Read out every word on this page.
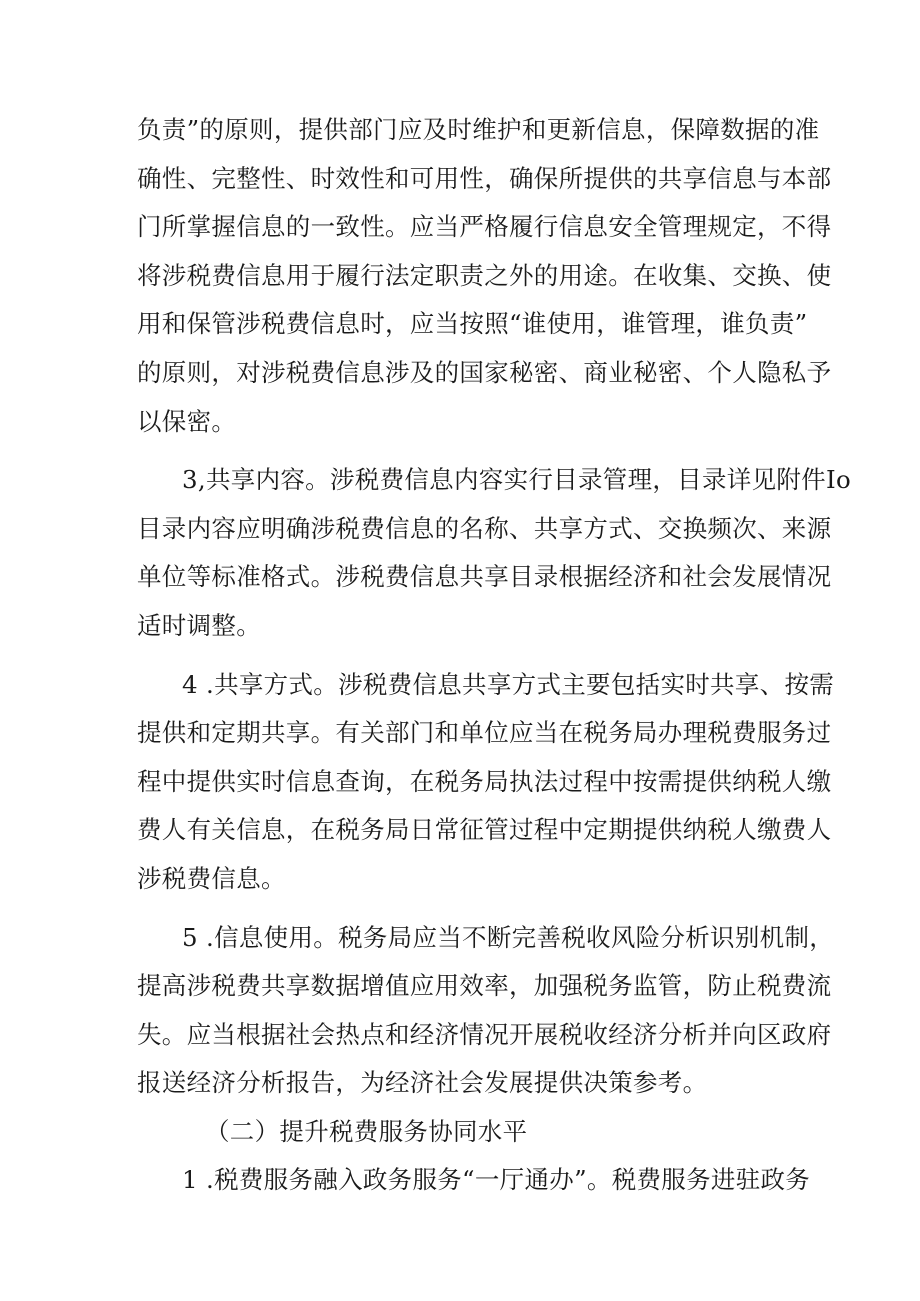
负责”的原则，提供部门应及时维护和更新信息，保障数据的准
确性、完整性、时效性和可用性，确保所提供的共享信息与本部
门所掌握信息的一致性。应当严格履行信息安全管理规定，不得
将涉税费信息用于履行法定职责之外的用途。在收集、交换、使
用和保管涉税费信息时，应当按照“谁使用，谁管理，谁负责”
的原则，对涉税费信息涉及的国家秘密、商业秘密、个人隐私予
以保密。
3,共享内容。涉税费信息内容实行目录管理，目录详见附件Io
目录内容应明确涉税费信息的名称、共享方式、交换频次、来源
单位等标准格式。涉税费信息共享目录根据经济和社会发展情况
适时调整。
4 .共享方式。涉税费信息共享方式主要包括实时共享、按需
提供和定期共享。有关部门和单位应当在税务局办理税费服务过
程中提供实时信息查询，在税务局执法过程中按需提供纳税人缴
费人有关信息，在税务局日常征管过程中定期提供纳税人缴费人
涉税费信息。
5 .信息使用。税务局应当不断完善税收风险分析识别机制，
提高涉税费共享数据增值应用效率，加强税务监管，防止税费流
失。应当根据社会热点和经济情况开展税收经济分析并向区政府
报送经济分析报告，为经济社会发展提供决策参考。
（二）提升税费服务协同水平
1 .税费服务融入政务服务“一厅通办”。税费服务进驻政务
